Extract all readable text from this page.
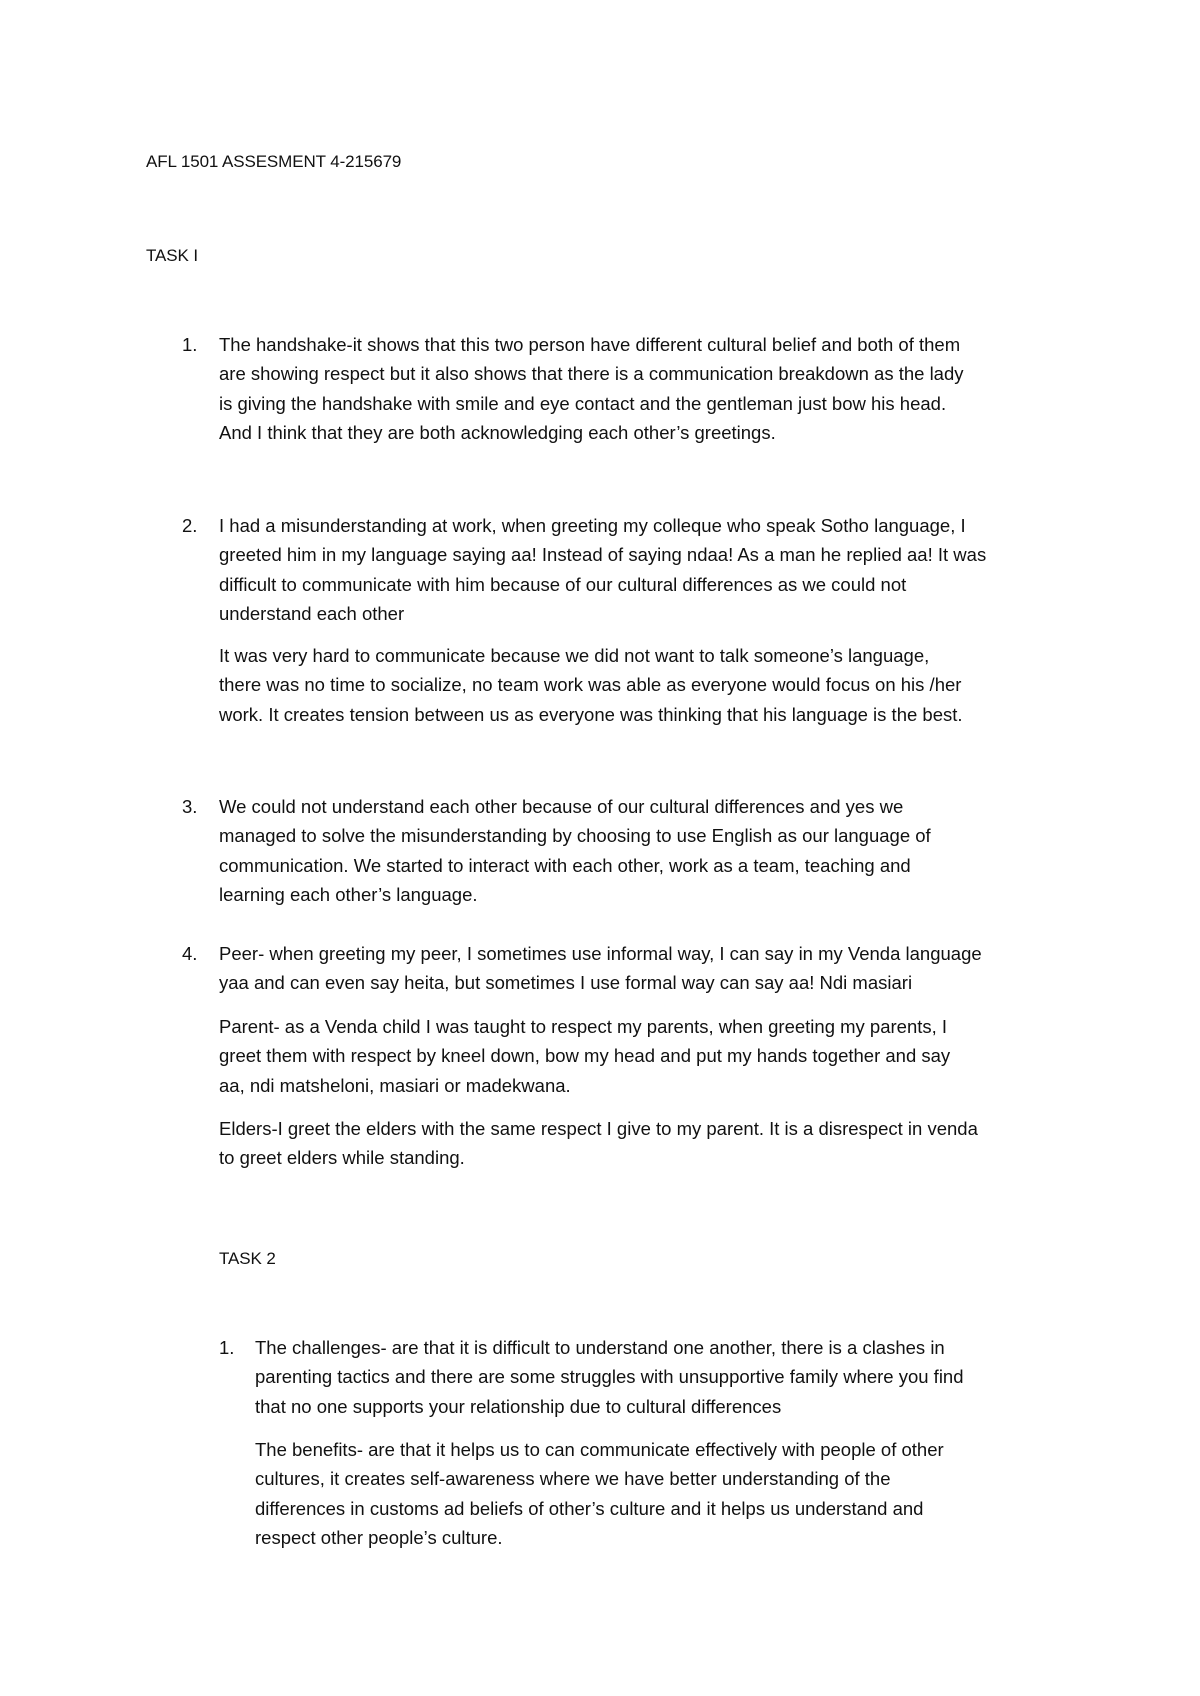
AFL 1501 ASSESMENT 4-215679
TASK I
1. The handshake-it shows that this two person have different cultural belief and both of them
are showing respect but it also shows that there is a communication breakdown as the lady
is giving the handshake with smile and eye contact and the gentleman just bow his head.
And I think that they are both acknowledging each other’s greetings.

2. I had a misunderstanding at work, when greeting my colleque who speak Sotho language, I
greeted him in my language saying aa! Instead of saying ndaa! As a man he replied aa! It was
difficult to communicate with him because of our cultural differences as we could not
understand each other

It was very hard to communicate because we did not want to talk someone’s language,
there was no time to socialize, no team work was able as everyone would focus on his /her
work. It creates tension between us as everyone was thinking that his language is the best.

3. We could not understand each other because of our cultural differences and yes we
managed to solve the misunderstanding by choosing to use English as our language of
communication. We started to interact with each other, work as a team, teaching and
learning each other’s language.

4. Peer- when greeting my peer, I sometimes use informal way, I can say in my Venda language
yaa and can even say heita, but sometimes I use formal way can say aa! Ndi masiari

Parent- as a Venda child I was taught to respect my parents, when greeting my parents, I
greet them with respect by kneel down, bow my head and put my hands together and say
aa, ndi matsheloni, masiari or madekwana.

Elders-I greet the elders with the same respect I give to my parent. It is a disrespect in venda
to greet elders while standing.

TASK 2
1. The challenges- are that it is difficult to understand one another, there is a clashes in
parenting tactics and there are some struggles with unsupportive family where you find
that no one supports your relationship due to cultural differences

The benefits- are that it helps us to can communicate effectively with people of other
cultures, it creates self-awareness where we have better understanding of the
differences in customs ad beliefs of other’s culture and it helps us understand and
respect other people’s culture.
